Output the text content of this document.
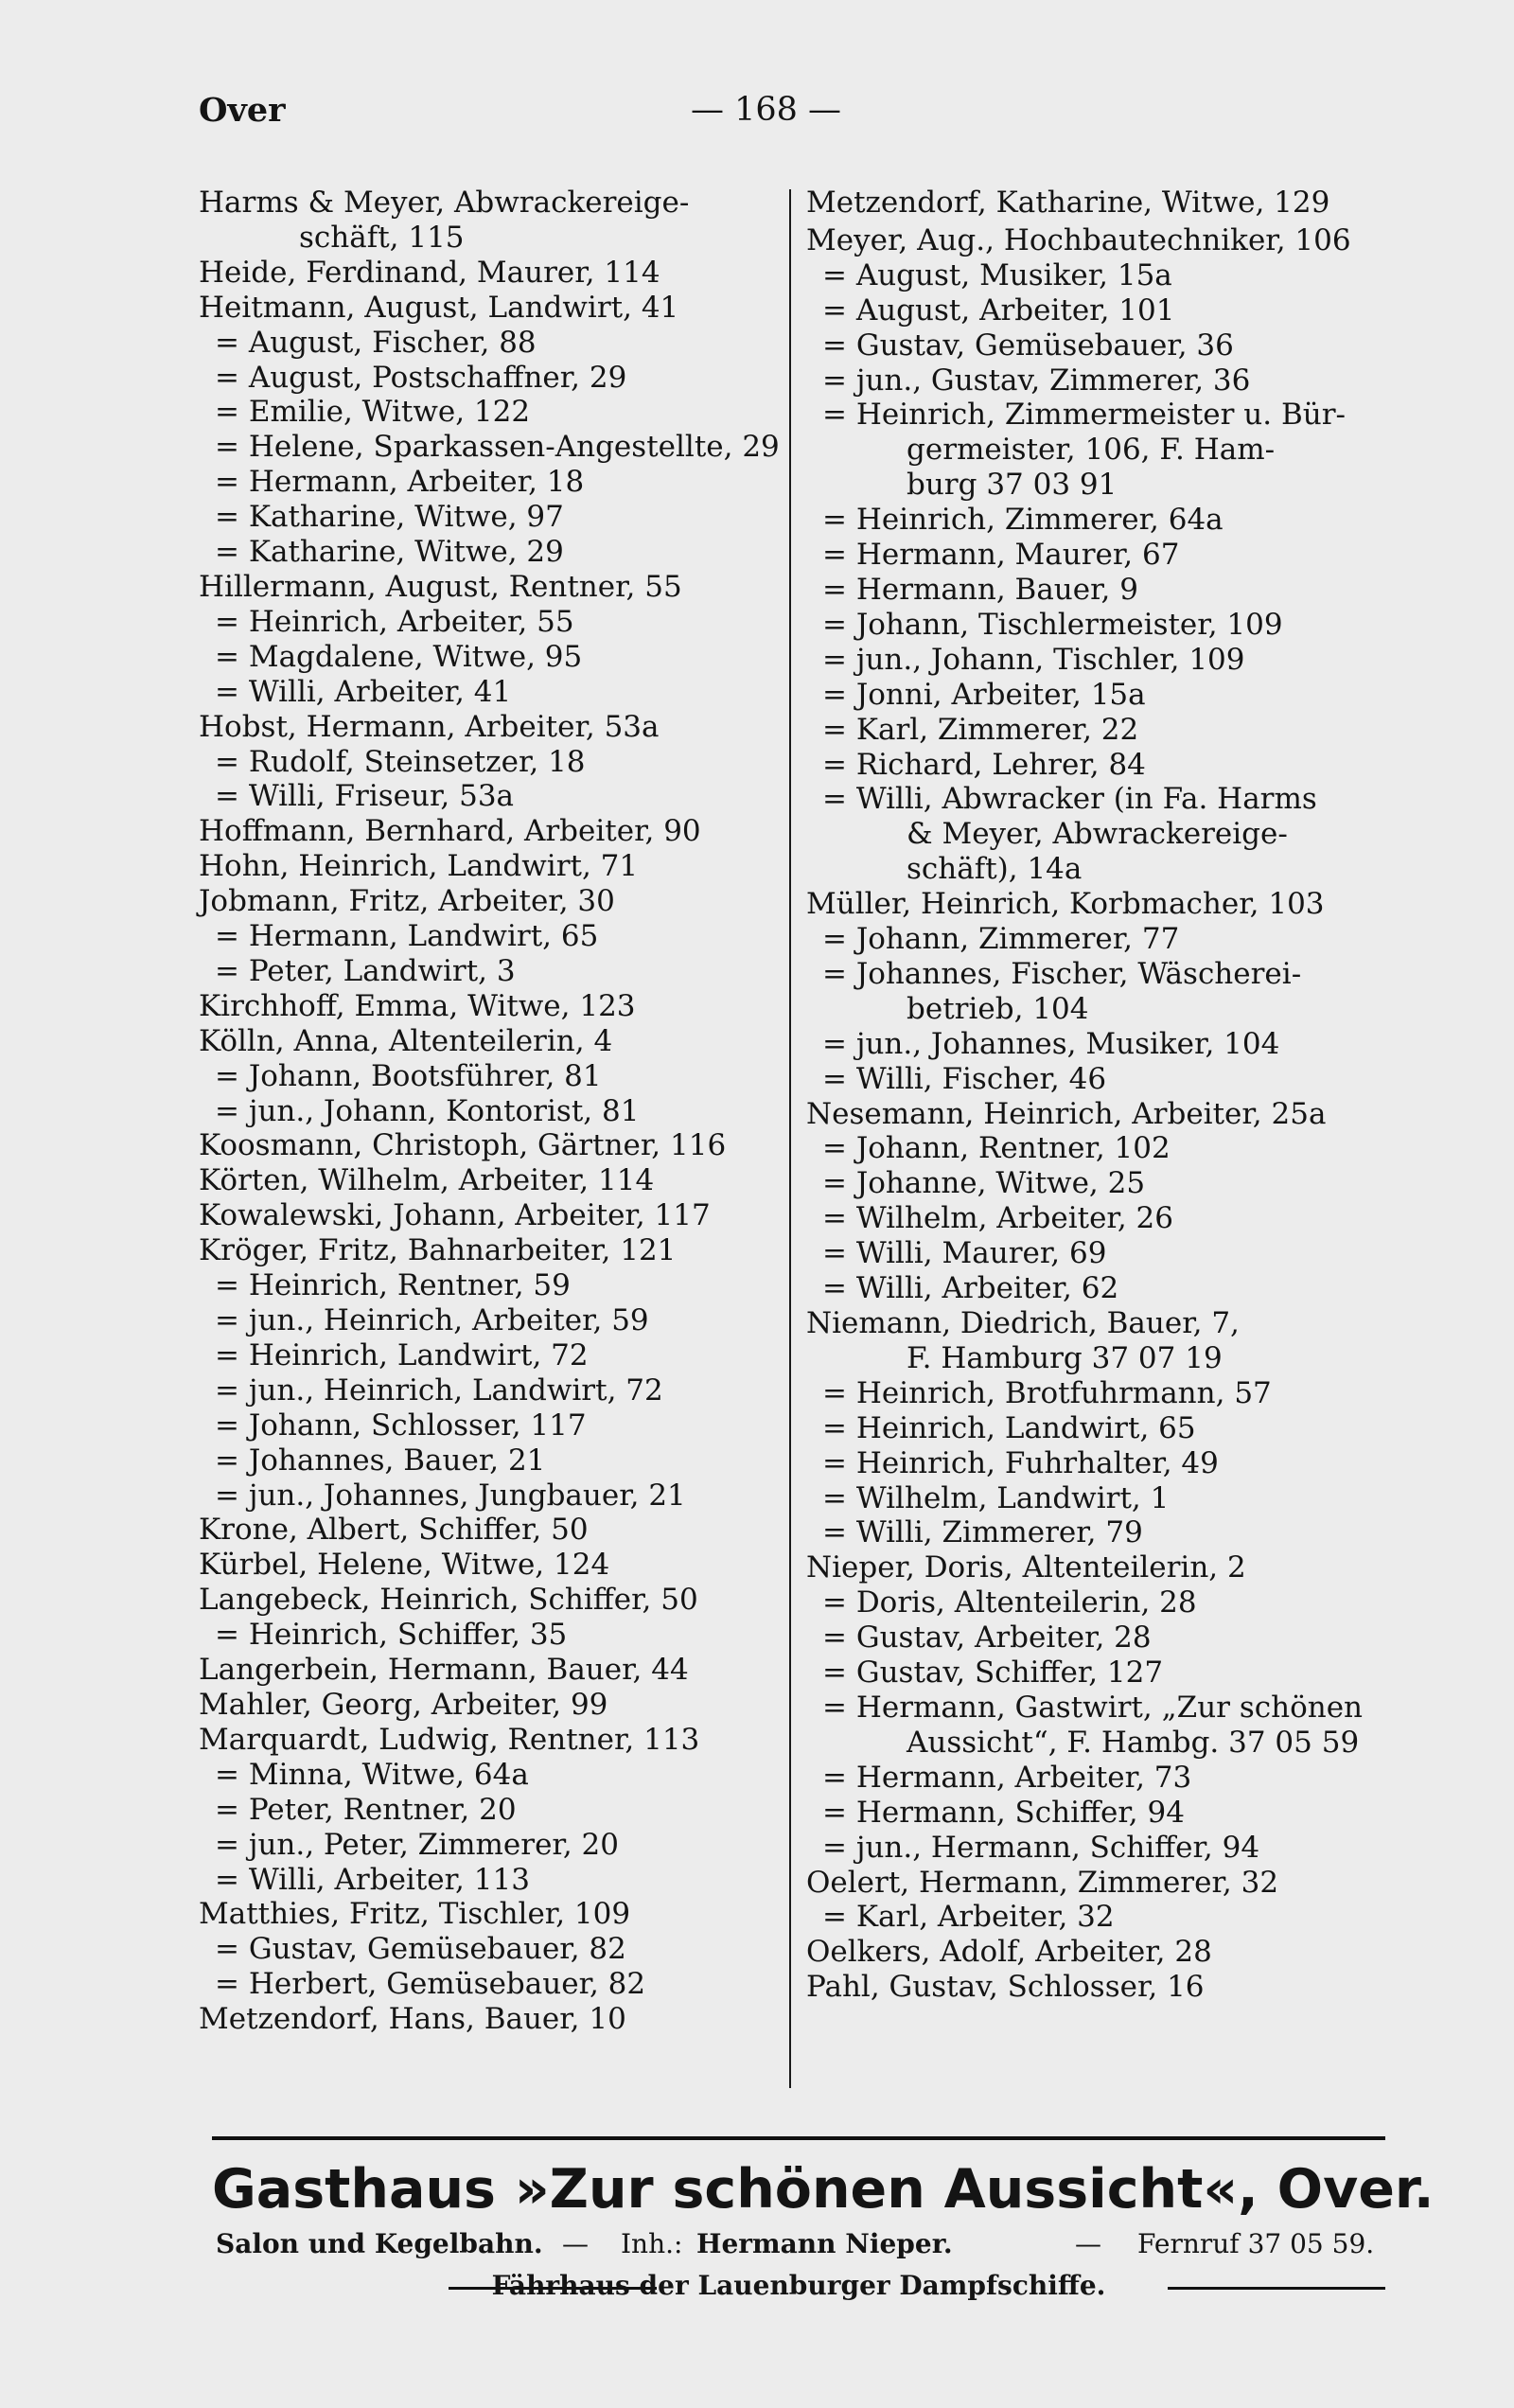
Over	— 168 —
Harms & Meyer, Abwrackereige-
schäft, 115
Heide, Ferdinand, Maurer, 114
Heitmann, August, Landwirt, 41
= August, Fischer, 88
= August, Postschaffner, 29
= Emilie, Witwe, 122
= Helene, Sparkassen-Angestellte, 29
= Hermann, Arbeiter, 18
= Katharine, Witwe, 97
= Katharine, Witwe, 29
Hillermann, August, Rentner, 55
= Heinrich, Arbeiter, 55
= Magdalene, Witwe, 95
= Willi, Arbeiter, 41
Hobst, Hermann, Arbeiter, 53a
= Rudolf, Steinsetzer, 18
= Willi, Friseur, 53a
Hoffmann, Bernhard, Arbeiter, 90
Hohn, Heinrich, Landwirt, 71
Jobmann, Fritz, Arbeiter, 30
= Hermann, Landwirt, 65
= Peter, Landwirt, 3
Kirchhoff, Emma, Witwe, 123
Kölln, Anna, Altenteilerin, 4
= Johann, Bootsführer, 81
= jun., Johann, Kontorist, 81
Koosmann, Christoph, Gärtner, 116
Körten, Wilhelm, Arbeiter, 114
Kowalewski, Johann, Arbeiter, 117
Kröger, Fritz, Bahnarbeiter, 121
= Heinrich, Rentner, 59
= jun., Heinrich, Arbeiter, 59
= Heinrich, Landwirt, 72
= jun., Heinrich, Landwirt, 72
= Johann, Schlosser, 117
= Johannes, Bauer, 21
= jun., Johannes, Jungbauer, 21
Krone, Albert, Schiffer, 50
Kürbel, Helene, Witwe, 124
Langebeck, Heinrich, Schiffer, 50
= Heinrich, Schiffer, 35
Langerbein, Hermann, Bauer, 44
Mahler, Georg, Arbeiter, 99
Marquardt, Ludwig, Rentner, 113
= Minna, Witwe, 64a
= Peter, Rentner, 20
= jun., Peter, Zimmerer, 20
= Willi, Arbeiter, 113
Matthies, Fritz, Tischler, 109
= Gustav, Gemüsebauer, 82
= Herbert, Gemüsebauer, 82
Metzendorf, Hans, Bauer, 10
Metzendorf, Katharine, Witwe, 129
Meyer, Aug., Hochbautechniker, 106
= August, Musiker, 15a
= August, Arbeiter, 101
= Gustav, Gemüsebauer, 36
= jun., Gustav, Zimmerer, 36
= Heinrich, Zimmermeister u. Bür-
germeister, 106, F. Ham-
burg 37 03 91
= Heinrich, Zimmerer, 64a
= Hermann, Maurer, 67
= Hermann, Bauer, 9
= Johann, Tischlermeister, 109
= jun., Johann, Tischler, 109
= Jonni, Arbeiter, 15a
= Karl, Zimmerer, 22
= Richard, Lehrer, 84
= Willi, Abwracker (in Fa. Harms
& Meyer, Abwrackereige-
schäft), 14a
Müller, Heinrich, Korbmacher, 103
= Johann, Zimmerer, 77
= Johannes, Fischer, Wäscherei-
betrieb, 104
= jun., Johannes, Musiker, 104
= Willi, Fischer, 46
Nesemann, Heinrich, Arbeiter, 25a
= Johann, Rentner, 102
= Johanne, Witwe, 25
= Wilhelm, Arbeiter, 26
= Willi, Maurer, 69
= Willi, Arbeiter, 62
Niemann, Diedrich, Bauer, 7,
F. Hamburg 37 07 19
= Heinrich, Brotfuhrmann, 57
= Heinrich, Landwirt, 65
= Heinrich, Fuhrhalter, 49
= Wilhelm, Landwirt, 1
= Willi, Zimmerer, 79
Nieper, Doris, Altenteilerin, 2
= Doris, Altenteilerin, 28
= Gustav, Arbeiter, 28
= Gustav, Schiffer, 127
= Hermann, Gastwirt, „Zur schönen
Aussicht“, F. Hambg. 37 05 59
= Hermann, Arbeiter, 73
= Hermann, Schiffer, 94
= jun., Hermann, Schiffer, 94
Oelert, Hermann, Zimmerer, 32
= Karl, Arbeiter, 32
Oelkers, Adolf, Arbeiter, 28
Pahl, Gustav, Schlosser, 16
Gasthaus »Zur schönen Aussicht«, Over.
Salon und Kegelbahn. — Inh.: Hermann Nieper.	— Fernruf 37 05 59.
Fährhaus der Lauenburger Dampfschiffe.
